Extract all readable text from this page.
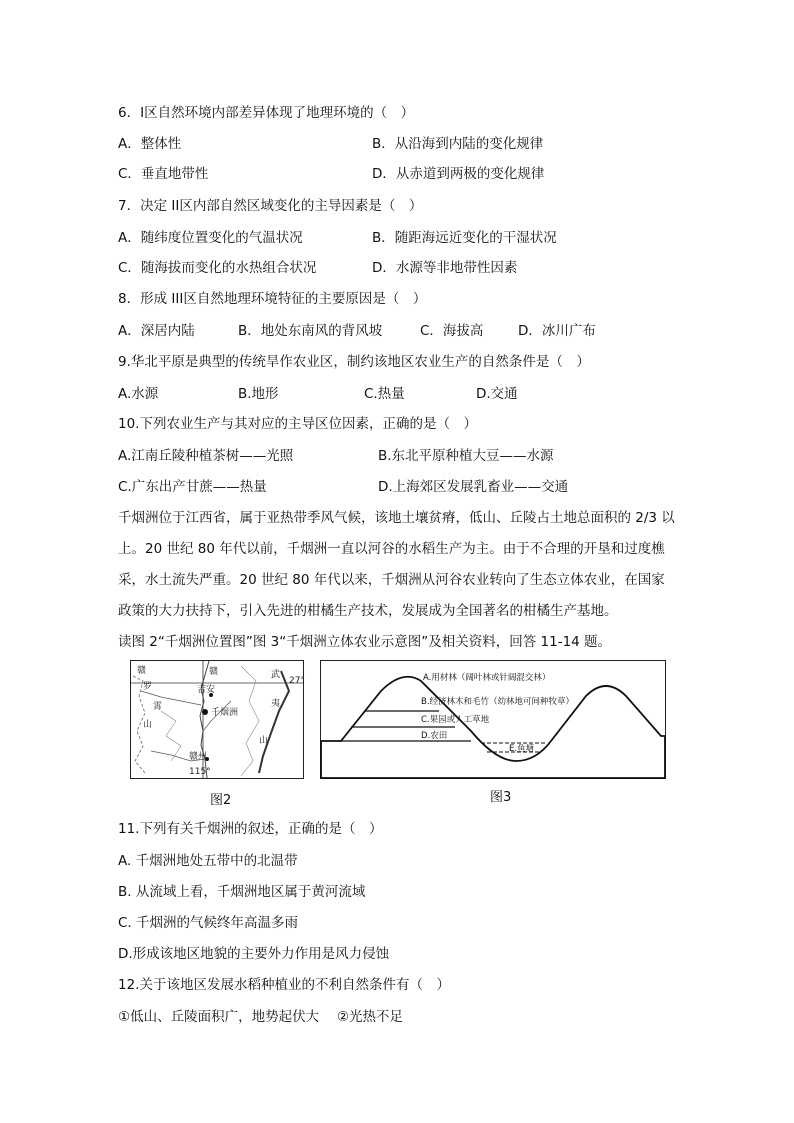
6．I区自然环境内部差异体现了地理环境的（　）
A．整体性	B．从沿海到内陆的变化规律
C．垂直地带性	D．从赤道到两极的变化规律
7．决定 II区内部自然区域变化的主导因素是（　）
A．随纬度位置变化的气温状况	B．随距海远近变化的干湿状况
C．随海拔而变化的水热组合状况	D．水源等非地带性因素
8．形成 III区自然地理环境特征的主要原因是（　）
A．深居内陆	B．地处东南风的背风坡	C．海拔高	D．冰川广布
9.华北平原是典型的传统旱作农业区，制约该地区农业生产的自然条件是（　）
A.水源	B.地形	C.热量	D.交通
10.下列农业生产与其对应的主导区位因素，正确的是（　）
A.江南丘陵种植茶树——光照	B.东北平原种植大豆——水源
C.广东出产甘蔗——热量	D.上海郊区发展乳畜业——交通
千烟洲位于江西省，属于亚热带季风气候，该地土壤贫瘠，低山、丘陵占土地总面积的 2/3 以上。20 世纪 80 年代以前，千烟洲一直以河谷的水稻生产为主。由于不合理的开垦和过度樵采，水土流失严重。20 世纪 80 年代以来，千烟洲从河谷农业转向了生态立体农业，在国家政策的大力扶持下，引入先进的柑橘生产技术，发展成为全国著名的柑橘生产基地。
读图 2“千烟洲位置图”图 3“千烟洲立体农业示意图”及相关资料，回答 11-14 题。
赣	赣	武
27°
罗	吉安
夷
霄
千烟洲
山
山
赣州
115°
图2
A.用材林（阔叶林或针阔混交林）
B.经济林木和毛竹（幼林地可间种牧草）
C.果园或人工草地
D.农田
E.鱼塘
图3
11.下列有关千烟洲的叙述，正确的是（　）
A. 千烟洲地处五带中的北温带
B. 从流域上看，千烟洲地区属于黄河流域
C. 千烟洲的气候终年高温多雨
D.形成该地区地貌的主要外力作用是风力侵蚀
12.关于该地区发展水稻种植业的不利自然条件有（　）
①低山、丘陵面积广，地势起伏大　 ②光热不足
